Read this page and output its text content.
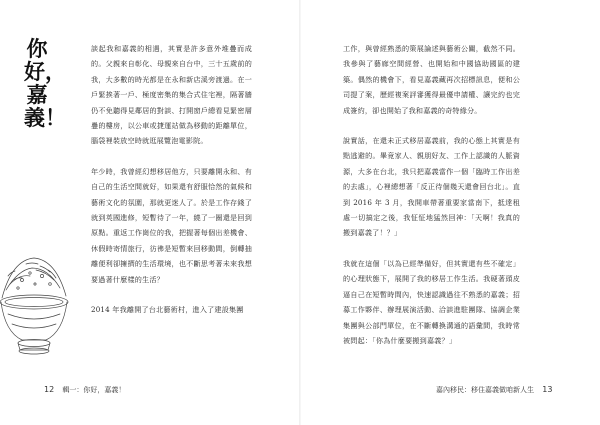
你好，嘉義！

談起我和嘉義的相遇，其實是許多意外堆疊而成的。父親來自彰化、母親來自台中，三十五歲前的我，大多數的時光都是在永和新店溪旁渡過。在一戶緊挨著一戶、極度密集的集合式住宅裡，隔著牆仍不免聽得見鄰居的對談、打開窗戶總看見緊密層疊的樓房，以公車或捷運站做為移動的距離單位，腦袋裡裝放空時就逛展覽泡電影院。

年少時，我曾經幻想移居他方，只要離開永和、有自己的生活空間就好，如果還有舒服恰然的氣候和藝術文化的氛圍，那就更迷人了。於是工作存錢了就到英國進修，短暫待了一年，繞了一圈還是回到原點。重返工作崗位的我，把握著每個出差機會、休假時寄情旅行，彷彿是短暫來回移動間，倒轉抽離便利卻擁擠的生活環境，也不斷思考著未來我想要過著什麼樣的生活？

2014 年我離開了台北藝術村，進入了建設集團

12 輯一：你好，嘉義！

工作，與曾經熟悉的策展論述與藝術公關，截然不同。我參與了藝廊空間經營、也開始和中國協助國區的建築。偶然的機會下，看見嘉義藏再次招標訊息，便和公司提了案，歷經複案評審獲得最優申請權、讓完約也完成簽約，卻也開始了我和嘉義的奇特緣分。

說實話，在還未正式移居嘉義前，我的心態上其實是有點逃避的。畢竟家人、親朋好友、工作上認識的人脈資源，大多在台北，我只把嘉義當作一個「臨時工作出差的去處」，心裡總想著「反正待個幾天還會回台北」。直到 2016 年 3 月，我開車帶著重要家當南下，抵達租處一切搞定之後，我怔怔地猛然回神：「天啊！我真的搬到嘉義了！？」

我就在這個「以為已經準備好，但其實還有些不確定」的心理狀態下，展開了我的移居工作生活。我硬著頭皮逼自己在短暫時間內，快速認識過往不熟悉的嘉義；招募工作夥伴、辦理展演活動、洽談進駐團隊、協調企業集團與公部門單位，在不斷轉換溝通的語彙間，我時常被問起：「你為什麼要搬到嘉義？」

嘉內移民：移住嘉義做咱新人生 13
